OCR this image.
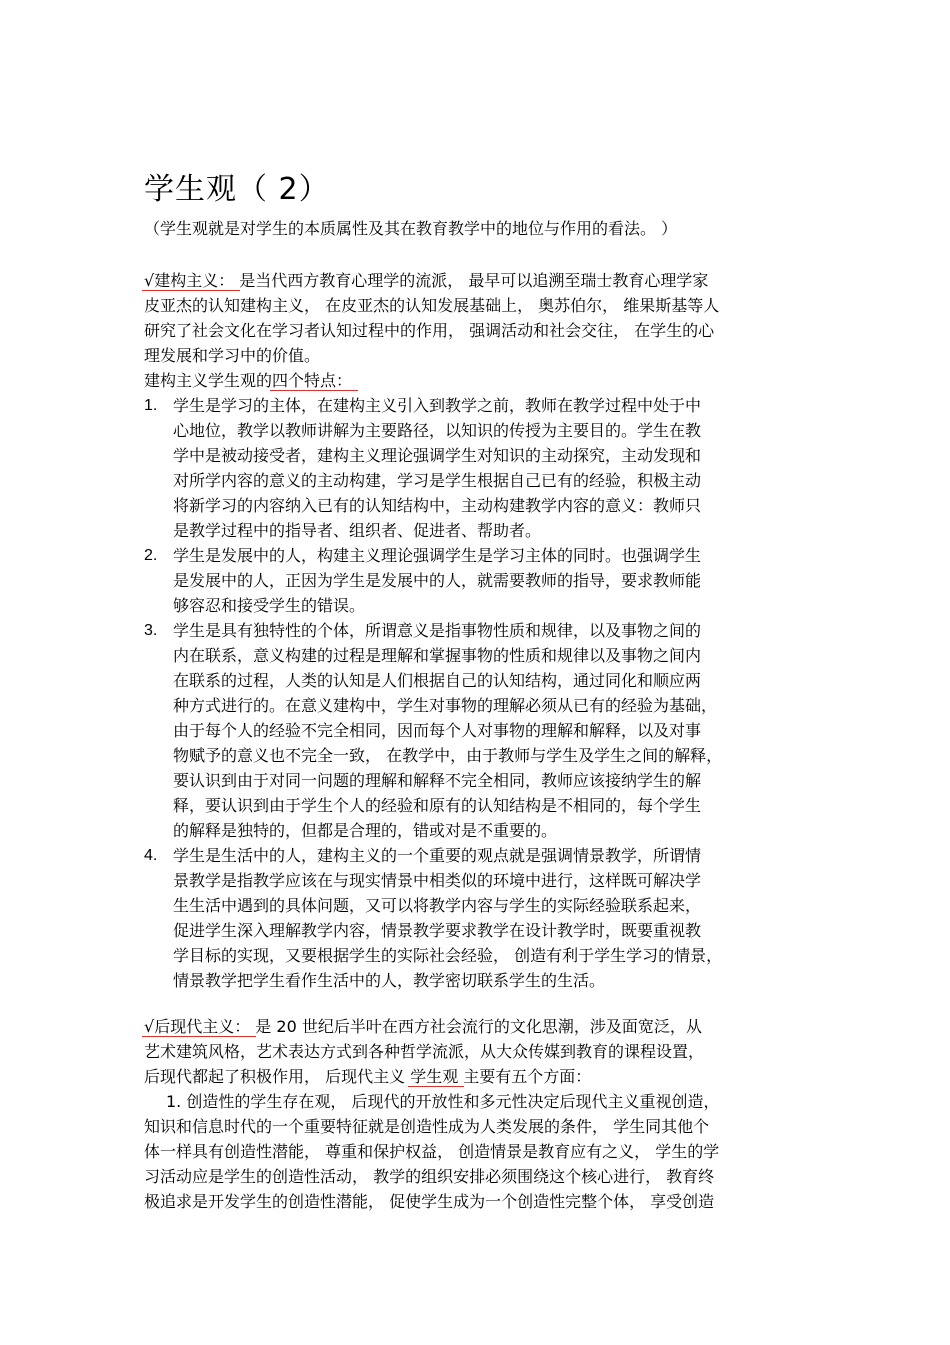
学生观（ 2）
（学生观就是对学生的本质属性及其在教育教学中的地位与作用的看法。 ）
√建构主义： 是当代西方教育心理学的流派， 最早可以追溯至瑞士教育心理学家
皮亚杰的认知建构主义， 在皮亚杰的认知发展基础上， 奥苏伯尔， 维果斯基等人
研究了社会文化在学习者认知过程中的作用， 强调活动和社会交往， 在学生的心
理发展和学习中的价值。
建构主义学生观的四个特点：
1. 学生是学习的主体，在建构主义引入到教学之前，教师在教学过程中处于中
心地位，教学以教师讲解为主要路径，以知识的传授为主要目的。学生在教
学中是被动接受者，建构主义理论强调学生对知识的主动探究，主动发现和
对所学内容的意义的主动构建，学习是学生根据自己已有的经验，积极主动
将新学习的内容纳入已有的认知结构中，主动构建教学内容的意义：教师只
是教学过程中的指导者、组织者、促进者、帮助者。
2. 学生是发展中的人，构建主义理论强调学生是学习主体的同时。也强调学生
是发展中的人，正因为学生是发展中的人，就需要教师的指导，要求教师能
够容忍和接受学生的错误。
3. 学生是具有独特性的个体，所谓意义是指事物性质和规律，以及事物之间的
内在联系，意义构建的过程是理解和掌握事物的性质和规律以及事物之间内
在联系的过程，人类的认知是人们根据自己的认知结构，通过同化和顺应两
种方式进行的。在意义建构中，学生对事物的理解必须从已有的经验为基础，
由于每个人的经验不完全相同，因而每个人对事物的理解和解释，以及对事
物赋予的意义也不完全一致， 在教学中，由于教师与学生及学生之间的解释，
要认识到由于对同一问题的理解和解释不完全相同，教师应该接纳学生的解
释，要认识到由于学生个人的经验和原有的认知结构是不相同的，每个学生
的解释是独特的，但都是合理的，错或对是不重要的。
4. 学生是生活中的人，建构主义的一个重要的观点就是强调情景教学，所谓情
景教学是指教学应该在与现实情景中相类似的环境中进行，这样既可解决学
生生活中遇到的具体问题，又可以将教学内容与学生的实际经验联系起来，
促进学生深入理解教学内容，情景教学要求教学在设计教学时，既要重视教
学目标的实现，又要根据学生的实际社会经验， 创造有利于学生学习的情景，
情景教学把学生看作生活中的人，教学密切联系学生的生活。
√后现代主义： 是 20 世纪后半叶在西方社会流行的文化思潮，涉及面宽泛，从
艺术建筑风格，艺术表达方式到各种哲学流派，从大众传媒到教育的课程设置，
后现代都起了积极作用， 后现代主义 学生观 主要有五个方面：
1. 创造性的学生存在观， 后现代的开放性和多元性决定后现代主义重视创造，
知识和信息时代的一个重要特征就是创造性成为人类发展的条件， 学生同其他个
体一样具有创造性潜能， 尊重和保护权益， 创造情景是教育应有之义， 学生的学
习活动应是学生的创造性活动， 教学的组织安排必须围绕这个核心进行， 教育终
极追求是开发学生的创造性潜能， 促使学生成为一个创造性完整个体， 享受创造
